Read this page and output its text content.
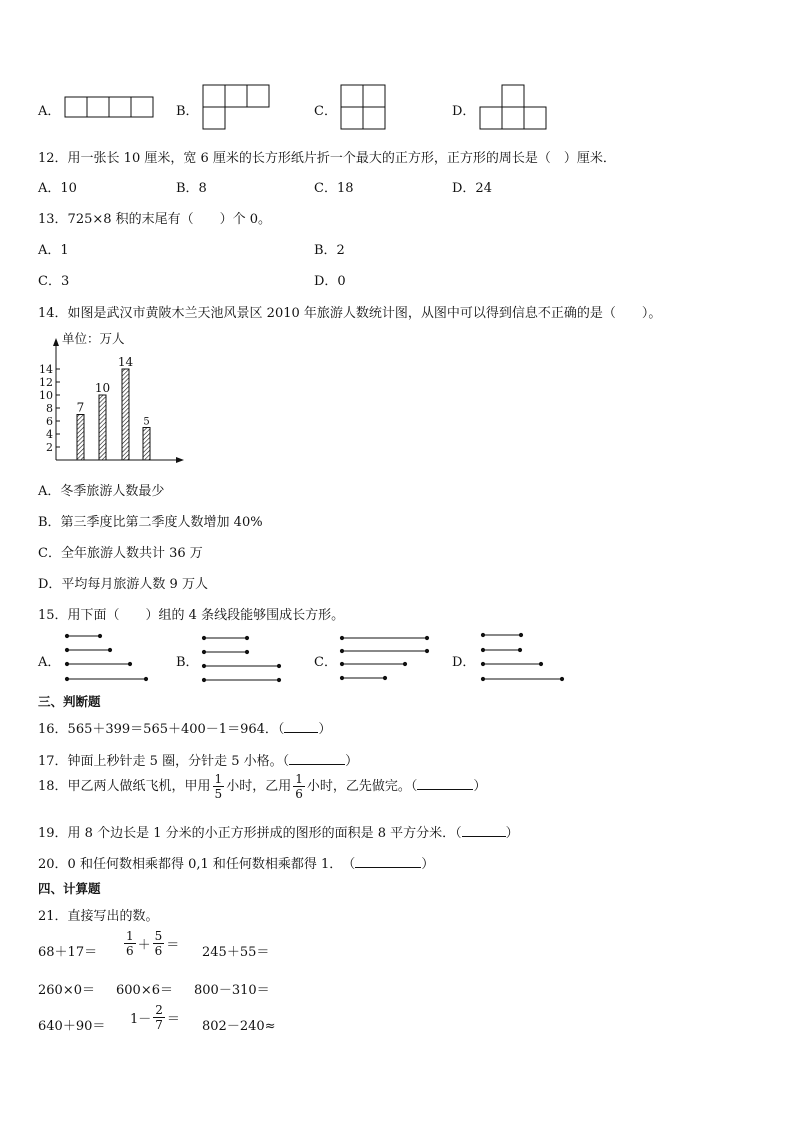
A．	B．	C．	D．
12．用一张长 10 厘米，宽 6 厘米的长方形纸片折一个最大的正方形，正方形的周长是（　）厘米．
A．10	B．8	C．18	D．24
13．725×8 积的末尾有（　　）个 0。
A．1	B．2
C．3	D．0
14．如图是武汉市黄陂木兰天池风景区 2010 年旅游人数统计图，从图中可以得到信息不正确的是（　　）。
单位：万人
2
4
6
8
10
12
14
7
10
14
5
A．冬季旅游人数最少
B．第三季度比第二季度人数增加 40%
C．全年旅游人数共计 36 万
D．平均每月旅游人数 9 万人
15．用下面（　　）组的 4 条线段能够围成长方形。
A．	B．	C．	D．
三、判断题
16．565＋399＝565＋400－1＝964．（	）
17．钟面上秒针走 5 圈，分针走 5 小格。（	）
18．甲乙两人做纸飞机，甲用 $\frac{1}{5}$ 小时，乙用 $\frac{1}{6}$ 小时，乙先做完。（	）
19．用 8 个边长是 1 分米的小正方形拼成的图形的面积是 8 平方分米．（	）
20．0 和任何数相乘都得 0,1 和任何数相乘都得 1．　（	）
四、计算题
21．直接写出的数。
$68+17= \frac{1}{6} + \frac{5}{6} = 245+55=$
260×0＝ 600×6＝ 800－310＝
$640+90= 1- \frac{2}{7} = 802-240\approx$
